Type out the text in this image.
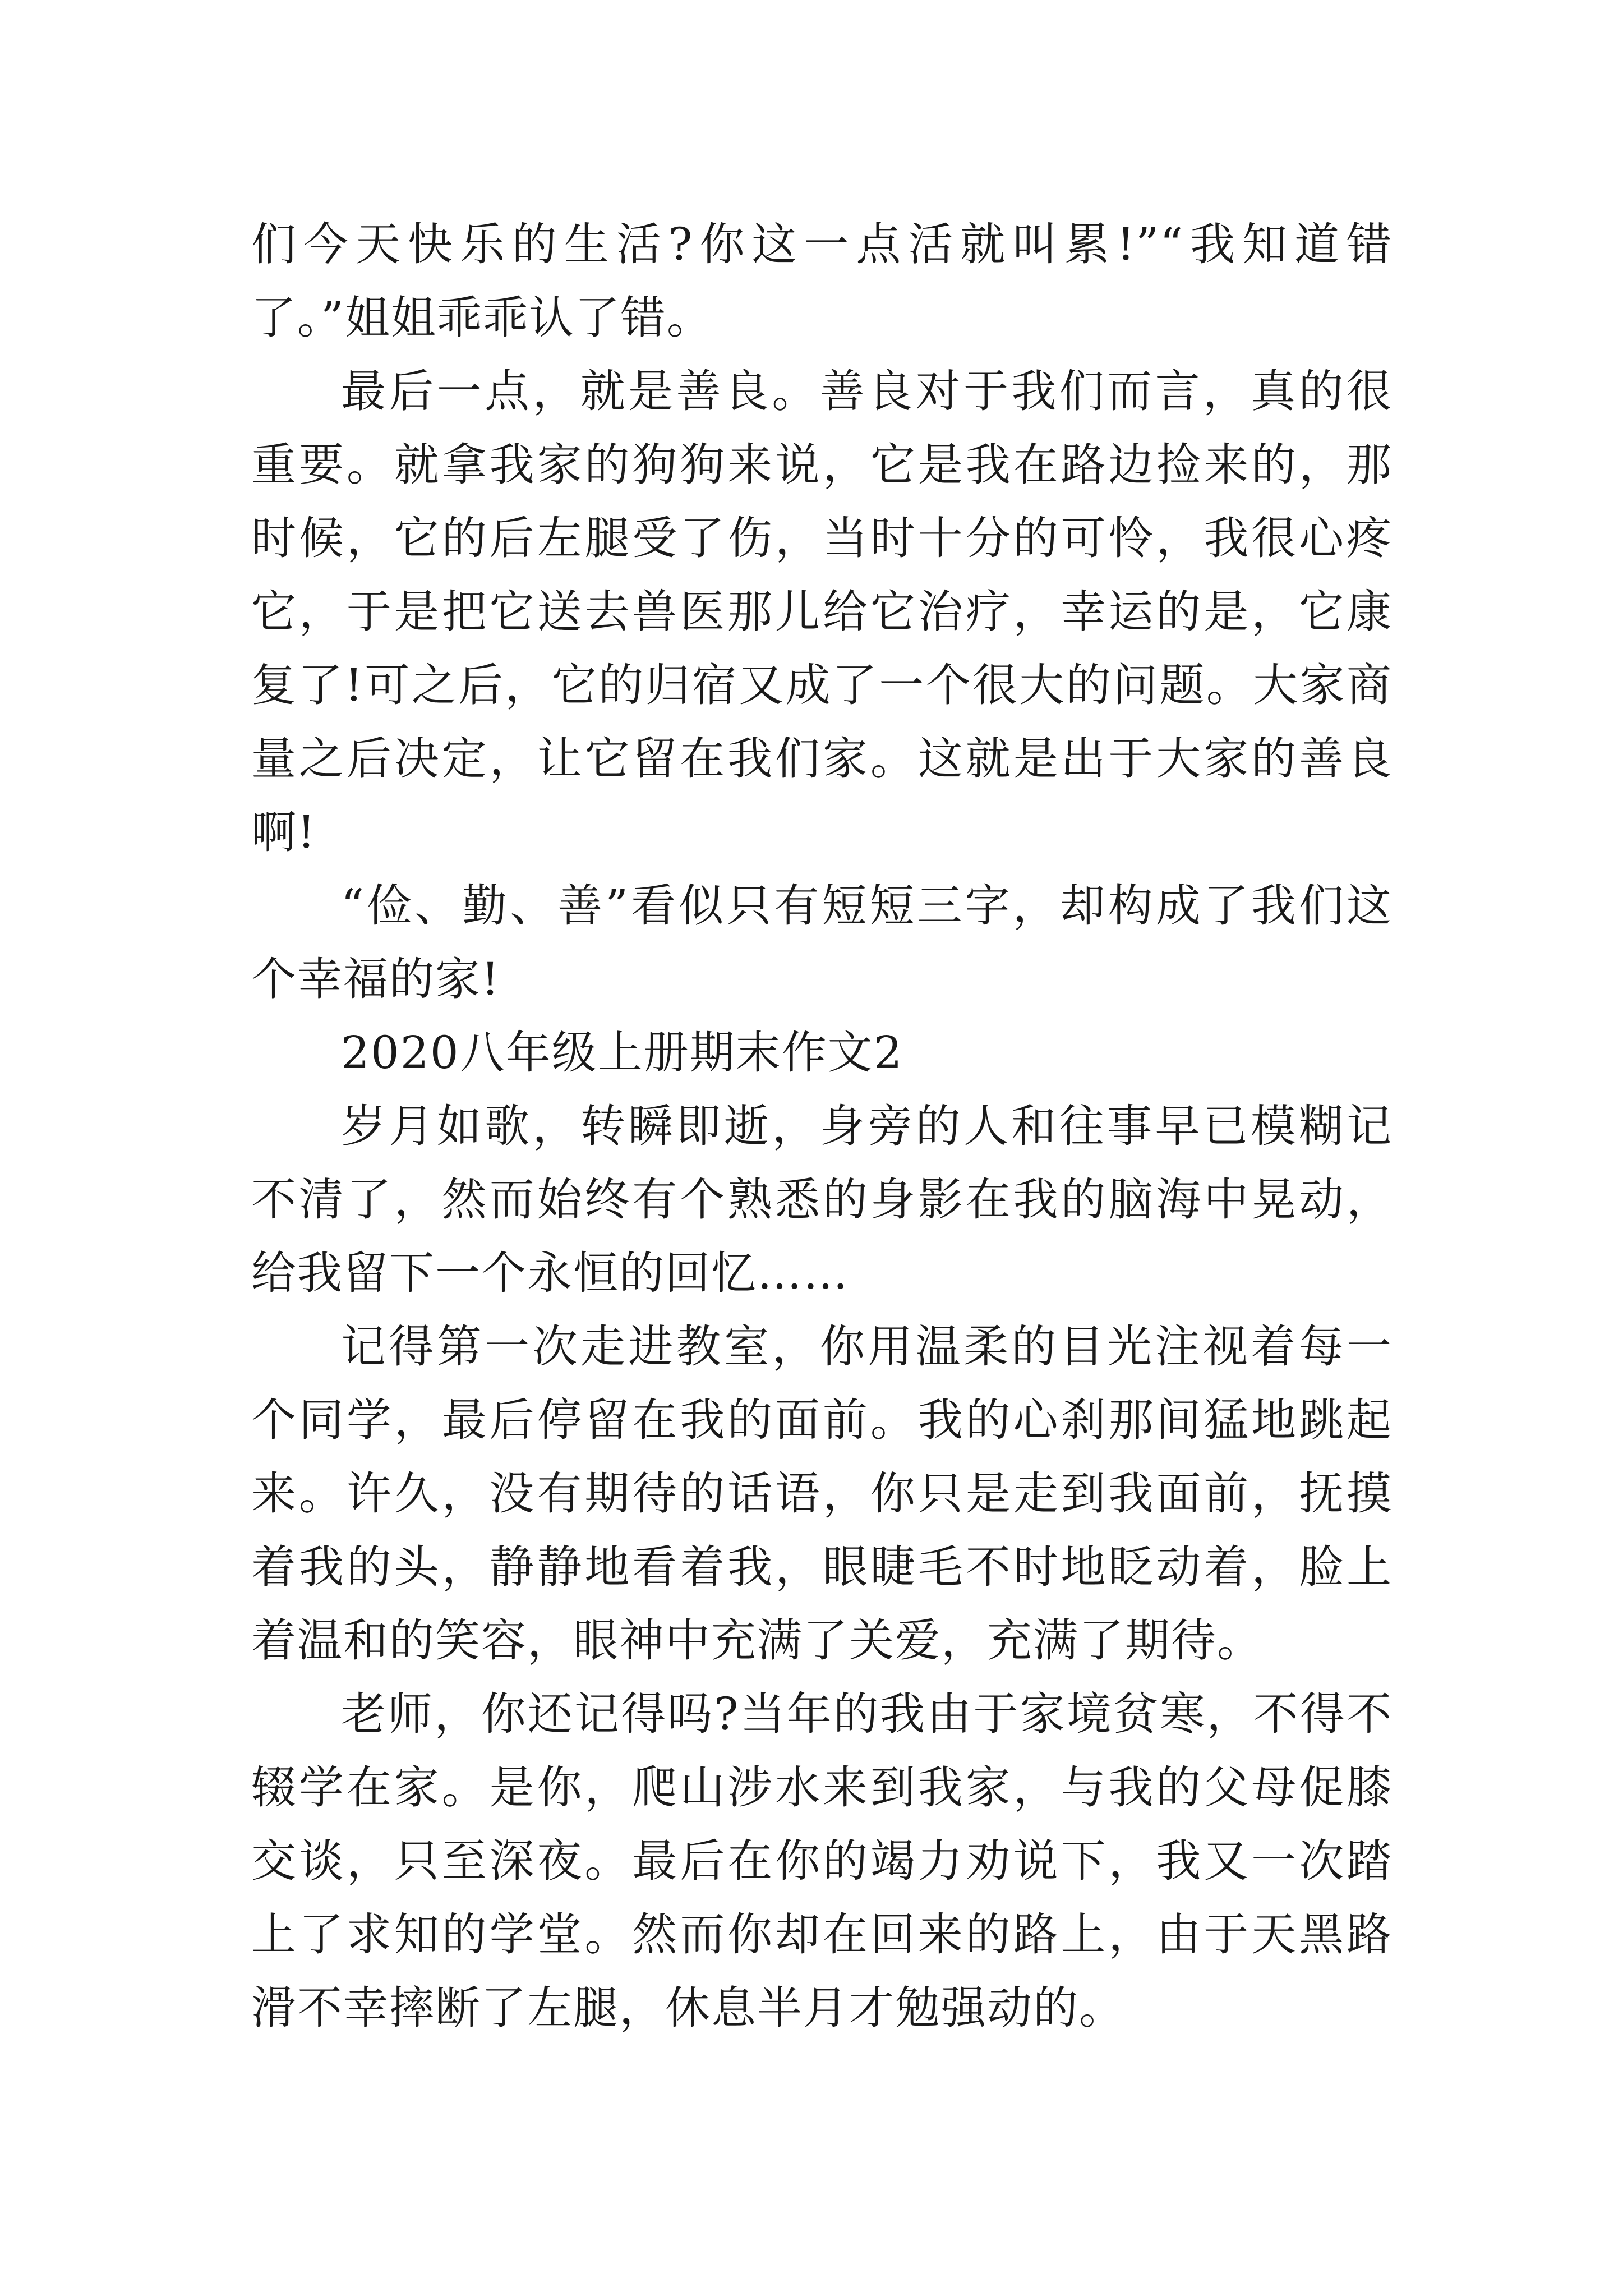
们今天快乐的生活?你这一点活就叫累!”“我知道错了。”姐姐乖乖认了错。

最后一点，就是善良。善良对于我们而言，真的很重要。就拿我家的狗狗来说，它是我在路边捡来的，那时候，它的后左腿受了伤，当时十分的可怜，我很心疼它，于是把它送去兽医那儿给它治疗，幸运的是，它康复了!可之后，它的归宿又成了一个很大的问题。大家商量之后决定，让它留在我们家。这就是出于大家的善良啊!

“俭、勤、善”看似只有短短三字，却构成了我们这个幸福的家!

2020八年级上册期末作文2

岁月如歌，转瞬即逝，身旁的人和往事早已模糊记不清了，然而始终有个熟悉的身影在我的脑海中晃动，给我留下一个永恒的回忆……

记得第一次走进教室，你用温柔的目光注视着每一个同学，最后停留在我的面前。我的心刹那间猛地跳起来。许久，没有期待的话语，你只是走到我面前，抚摸着我的头，静静地看着我，眼睫毛不时地眨动着，脸上着温和的笑容，眼神中充满了关爱，充满了期待。

老师，你还记得吗?当年的我由于家境贫寒，不得不辍学在家。是你，爬山涉水来到我家，与我的父母促膝交谈，只至深夜。最后在你的竭力劝说下，我又一次踏上了求知的学堂。然而你却在回来的路上，由于天黑路滑不幸摔断了左腿，休息半月才勉强动的。
